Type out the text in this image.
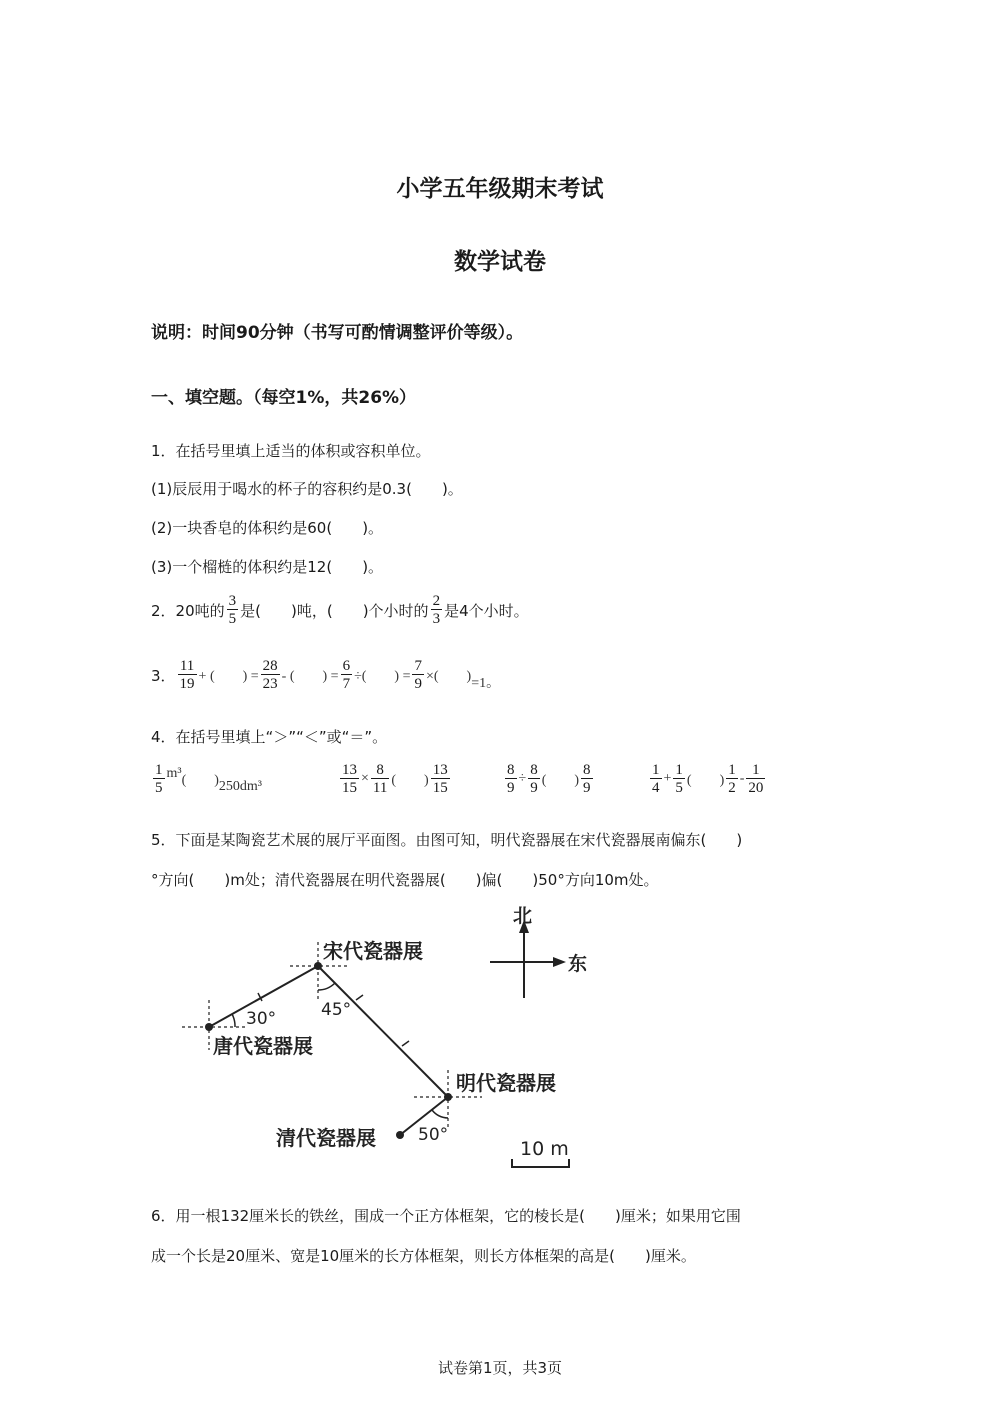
小学五年级期末考试
数学试卷
说明：时间90分钟（书写可酌情调整评价等级）。
一、填空题。（每空1%，共26%）
1．在括号里填上适当的体积或容积单位。
(1)辰辰用于喝水的杯子的容积约是0.3(　　)。
(2)一块香皂的体积约是60(　　)。
(3)一个榴梿的体积约是12(　　)。
2．20吨的 $\frac{3}{5}$ 是(　　)吨，(　　)个小时的 $\frac{2}{3}$ 是4个小时。
3． $\frac{11}{19}$ + (　　) = $\frac{28}{23}$ - (　　) = $\frac{6}{7}$ ÷(　　) = $\frac{7}{9}$ ×(　　) =1。
4．在括号里填上“＞”“＜”或“＝”。
$\frac{1}{5} m^3$ (　　) 250dm³	$\frac{13}{15} \times \frac{8}{11}$ (　　) $\frac{13}{15}$	$\frac{8}{9} \div \frac{8}{9}$ (　　) $\frac{8}{9}$	$\frac{1}{4} + \frac{1}{5}$ (　　) $\frac{1}{2} - \frac{1}{20}$
5．下面是某陶瓷艺术展的展厅平面图。由图可知，明代瓷器展在宋代瓷器展南偏东(　　)
°方向(　　)m处；清代瓷器展在明代瓷器展(　　)偏(　　)50°方向10m处。
北
东
宋代瓷器展
唐代瓷器展
明代瓷器展
清代瓷器展
30°	45°
50°
10 m
6．用一根132厘米长的铁丝，围成一个正方体框架，它的棱长是(　　)厘米；如果用它围
成一个长是20厘米、宽是10厘米的长方体框架，则长方体框架的高是(　　)厘米。
试卷第1页，共3页
